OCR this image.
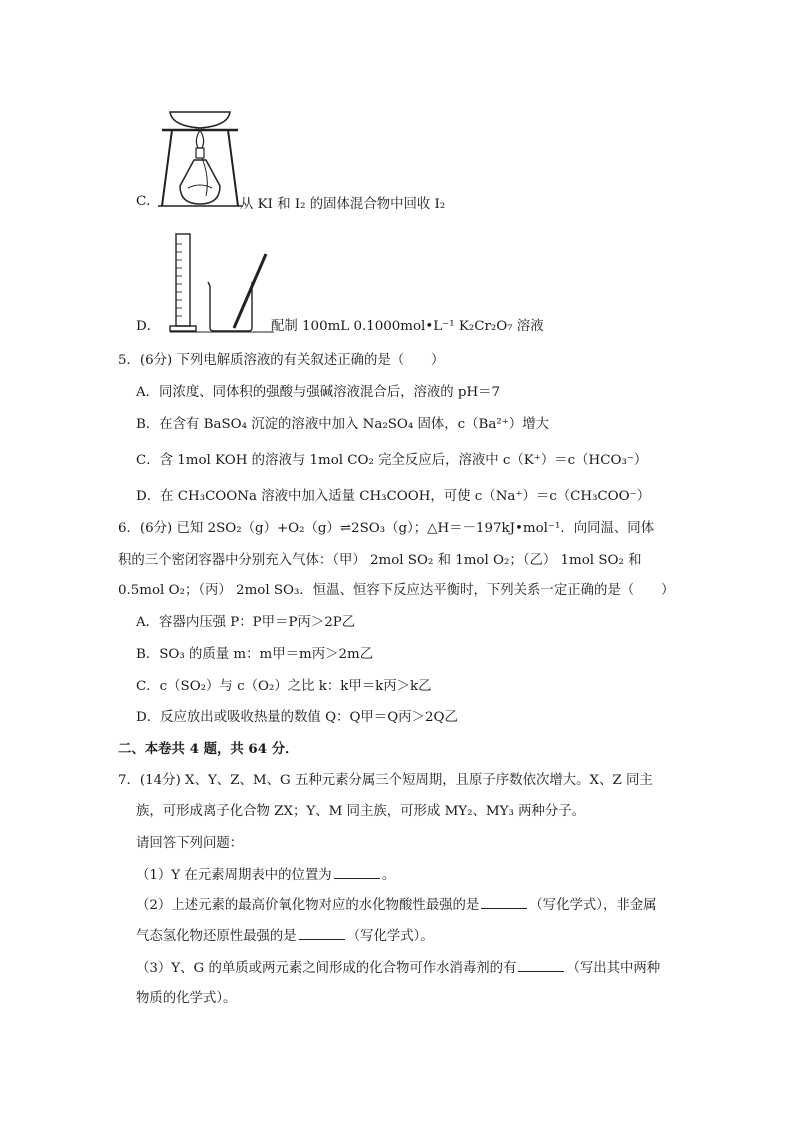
C．	从 KI 和 I₂ 的固体混合物中回收 I₂
D．	配制 100mL 0.1000mol•L⁻¹ K₂Cr₂O₇ 溶液
5．(6分) 下列电解质溶液的有关叙述正确的是（　　）
A．同浓度、同体积的强酸与强碱溶液混合后，溶液的 pH＝7
B．在含有 BaSO₄ 沉淀的溶液中加入 Na₂SO₄ 固体，c（Ba²⁺）增大
C．含 1mol KOH 的溶液与 1mol CO₂ 完全反应后，溶液中 c（K⁺）＝c（HCO₃⁻）
D．在 CH₃COONa 溶液中加入适量 CH₃COOH，可使 c（Na⁺）＝c（CH₃COO⁻）
6．(6分) 已知 2SO₂（g）+O₂（g）⇌2SO₃（g）；△H＝－197kJ•mol⁻¹．向同温、同体
积的三个密闭容器中分别充入气体：（甲） 2mol SO₂ 和 1mol O₂；（乙） 1mol SO₂ 和
0.5mol O₂；（丙） 2mol SO₃．恒温、恒容下反应达平衡时，下列关系一定正确的是（　　）
A．容器内压强 P：P甲＝P丙＞2P乙
B．SO₃ 的质量 m：m甲＝m丙＞2m乙
C．c（SO₂）与 c（O₂）之比 k：k甲＝k丙＞k乙
D．反应放出或吸收热量的数值 Q：Q甲＝Q丙＞2Q乙
二、本卷共 4 题，共 64 分．
7．(14分) X、Y、Z、M、G 五种元素分属三个短周期，且原子序数依次增大。X、Z 同主
族，可形成离子化合物 ZX；Y、M 同主族，可形成 MY₂、MY₃ 两种分子。
请回答下列问题：
（1）Y 在元素周期表中的位置为	。
（2）上述元素的最高价氧化物对应的水化物酸性最强的是	（写化学式），非金属
气态氢化物还原性最强的是	（写化学式）。
（3）Y、G 的单质或两元素之间形成的化合物可作水消毒剂的有	（写出其中两种
物质的化学式）。
